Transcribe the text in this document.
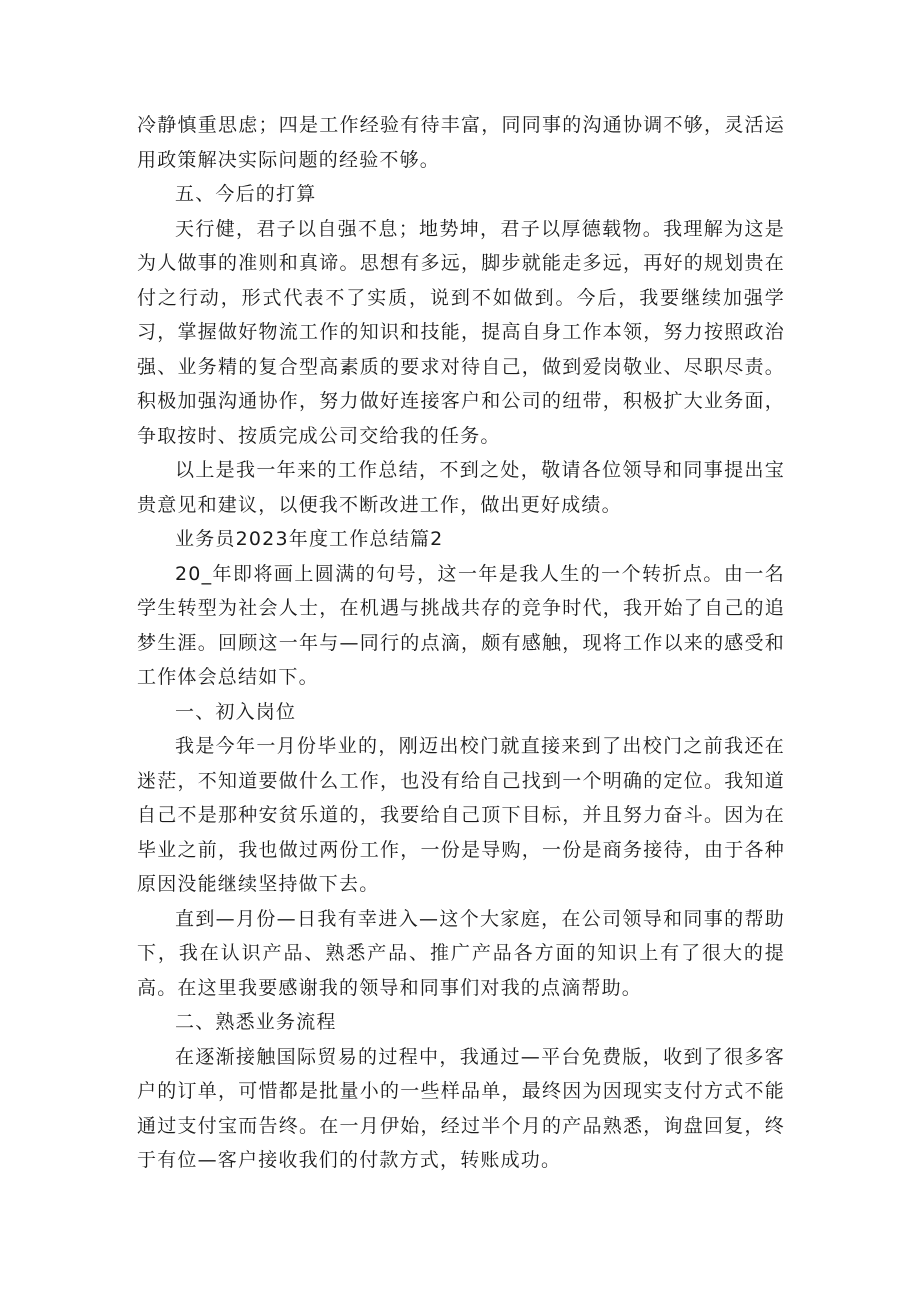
冷静慎重思虑；四是工作经验有待丰富，同同事的沟通协调不够，灵活运用政策解决实际问题的经验不够。

五、今后的打算

天行健，君子以自强不息；地势坤，君子以厚德载物。我理解为这是为人做事的准则和真谛。思想有多远，脚步就能走多远，再好的规划贵在付之行动，形式代表不了实质，说到不如做到。今后，我要继续加强学习，掌握做好物流工作的知识和技能，提高自身工作本领，努力按照政治强、业务精的复合型高素质的要求对待自己，做到爱岗敬业、尽职尽责。积极加强沟通协作，努力做好连接客户和公司的纽带，积极扩大业务面，争取按时、按质完成公司交给我的任务。

以上是我一年来的工作总结，不到之处，敬请各位领导和同事提出宝贵意见和建议，以便我不断改进工作，做出更好成绩。

业务员2023年度工作总结篇2

20_年即将画上圆满的句号，这一年是我人生的一个转折点。由一名学生转型为社会人士，在机遇与挑战共存的竞争时代，我开始了自己的追梦生涯。回顾这一年与—同行的点滴，颇有感触，现将工作以来的感受和工作体会总结如下。

一、初入岗位

我是今年一月份毕业的，刚迈出校门就直接来到了出校门之前我还在迷茫，不知道要做什么工作，也没有给自己找到一个明确的定位。我知道自己不是那种安贫乐道的，我要给自己顶下目标，并且努力奋斗。因为在毕业之前，我也做过两份工作，一份是导购，一份是商务接待，由于各种原因没能继续坚持做下去。

直到—月份—日我有幸进入—这个大家庭，在公司领导和同事的帮助下，我在认识产品、熟悉产品、推广产品各方面的知识上有了很大的提高。在这里我要感谢我的领导和同事们对我的点滴帮助。

二、熟悉业务流程

在逐渐接触国际贸易的过程中，我通过—平台免费版，收到了很多客户的订单，可惜都是批量小的一些样品单，最终因为因现实支付方式不能通过支付宝而告终。在一月伊始，经过半个月的产品熟悉，询盘回复，终于有位—客户接收我们的付款方式，转账成功。
